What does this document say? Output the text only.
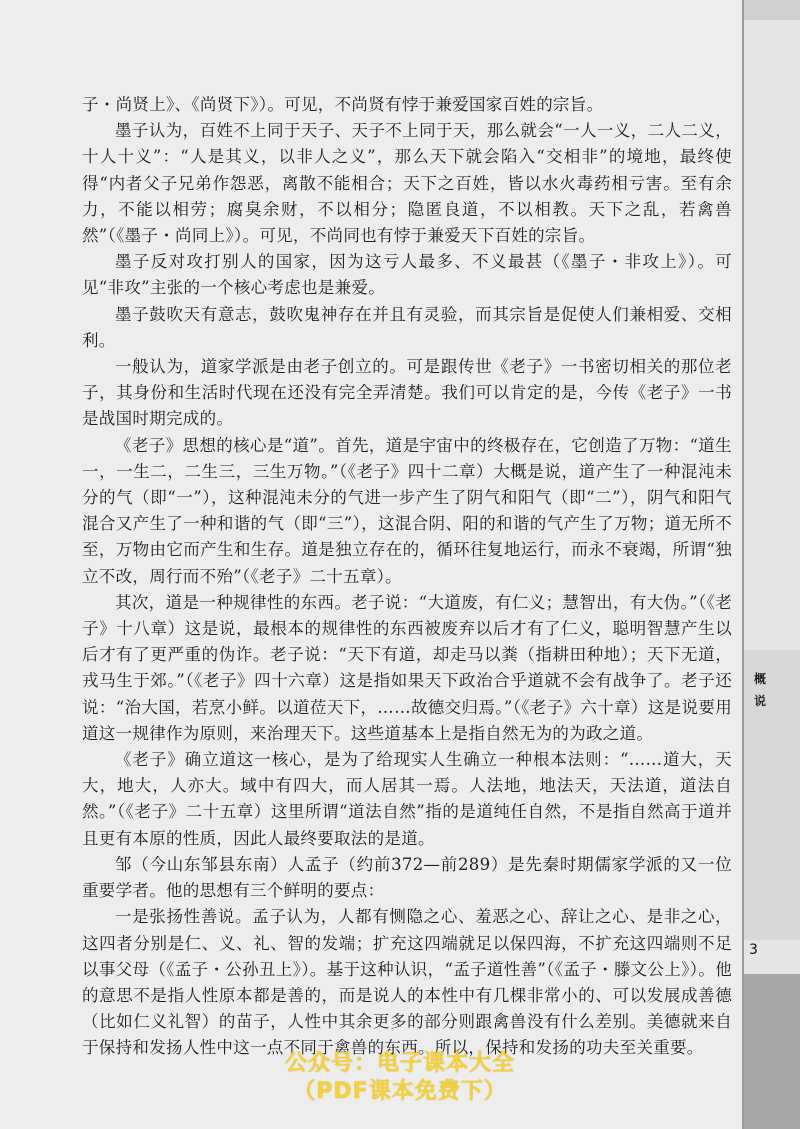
子・尚贤上》、《尚贤下》）。可见，不尚贤有悖于兼爱国家百姓的宗旨。

墨子认为，百姓不上同于天子、天子不上同于天，那么就会“一人一义，二人二义，十人十义”：“人是其义，以非人之义”，那么天下就会陷入“交相非”的境地，最终使得“内者父子兄弟作怨恶，离散不能相合；天下之百姓，皆以水火毒药相亏害。至有余力，不能以相劳；腐臭余财，不以相分；隐匿良道，不以相教。天下之乱，若禽兽然”（《墨子・尚同上》）。可见，不尚同也有悖于兼爱天下百姓的宗旨。

墨子反对攻打别人的国家，因为这亏人最多、不义最甚（《墨子・非攻上》）。可见“非攻”主张的一个核心考虑也是兼爱。

墨子鼓吹天有意志，鼓吹鬼神存在并且有灵验，而其宗旨是促使人们兼相爱、交相利。

一般认为，道家学派是由老子创立的。可是跟传世《老子》一书密切相关的那位老子，其身份和生活时代现在还没有完全弄清楚。我们可以肯定的是，今传《老子》一书是战国时期完成的。

《老子》思想的核心是“道”。首先，道是宇宙中的终极存在，它创造了万物：“道生一，一生二，二生三，三生万物。”（《老子》四十二章）大概是说，道产生了一种混沌未分的气（即“一”），这种混沌未分的气进一步产生了阴气和阳气（即“二”），阴气和阳气混合又产生了一种和谐的气（即“三”），这混合阴、阳的和谐的气产生了万物；道无所不至，万物由它而产生和生存。道是独立存在的，循环往复地运行，而永不衰竭，所谓“独立不改，周行而不殆”（《老子》二十五章）。

其次，道是一种规律性的东西。老子说：“大道废，有仁义；慧智出，有大伪。”（《老子》十八章）这是说，最根本的规律性的东西被废弃以后才有了仁义，聪明智慧产生以后才有了更严重的伪诈。老子说：“天下有道，却走马以粪（指耕田种地）；天下无道，戎马生于郊。”（《老子》四十六章）这是指如果天下政治合乎道就不会有战争了。老子还说：“治大国，若烹小鲜。以道莅天下，……故德交归焉。”（《老子》六十章）这是说要用道这一规律作为原则，来治理天下。这些道基本上是指自然无为的为政之道。

《老子》确立道这一核心，是为了给现实人生确立一种根本法则：“……道大，天大，地大，人亦大。域中有四大，而人居其一焉。人法地，地法天，天法道，道法自然。”（《老子》二十五章）这里所谓“道法自然”指的是道纯任自然，不是指自然高于道并且更有本原的性质，因此人最终要取法的是道。

邹（今山东邹县东南）人孟子（约前372—前289）是先秦时期儒家学派的又一位重要学者。他的思想有三个鲜明的要点：

一是张扬性善说。孟子认为，人都有恻隐之心、羞恶之心、辞让之心、是非之心，这四者分别是仁、义、礼、智的发端；扩充这四端就足以保四海，不扩充这四端则不足以事父母（《孟子・公孙丑上》）。基于这种认识，“孟子道性善”（《孟子・滕文公上》）。他的意思不是指人性原本都是善的，而是说人的本性中有几棵非常小的、可以发展成善德（比如仁义礼智）的苗子，人性中其余更多的部分则跟禽兽没有什么差别。美德就来自于保持和发扬人性中这一点不同于禽兽的东西。所以，保持和发扬的功夫至关重要。

概说
3
公众号：电子课本大全
（PDF课本免费下）
